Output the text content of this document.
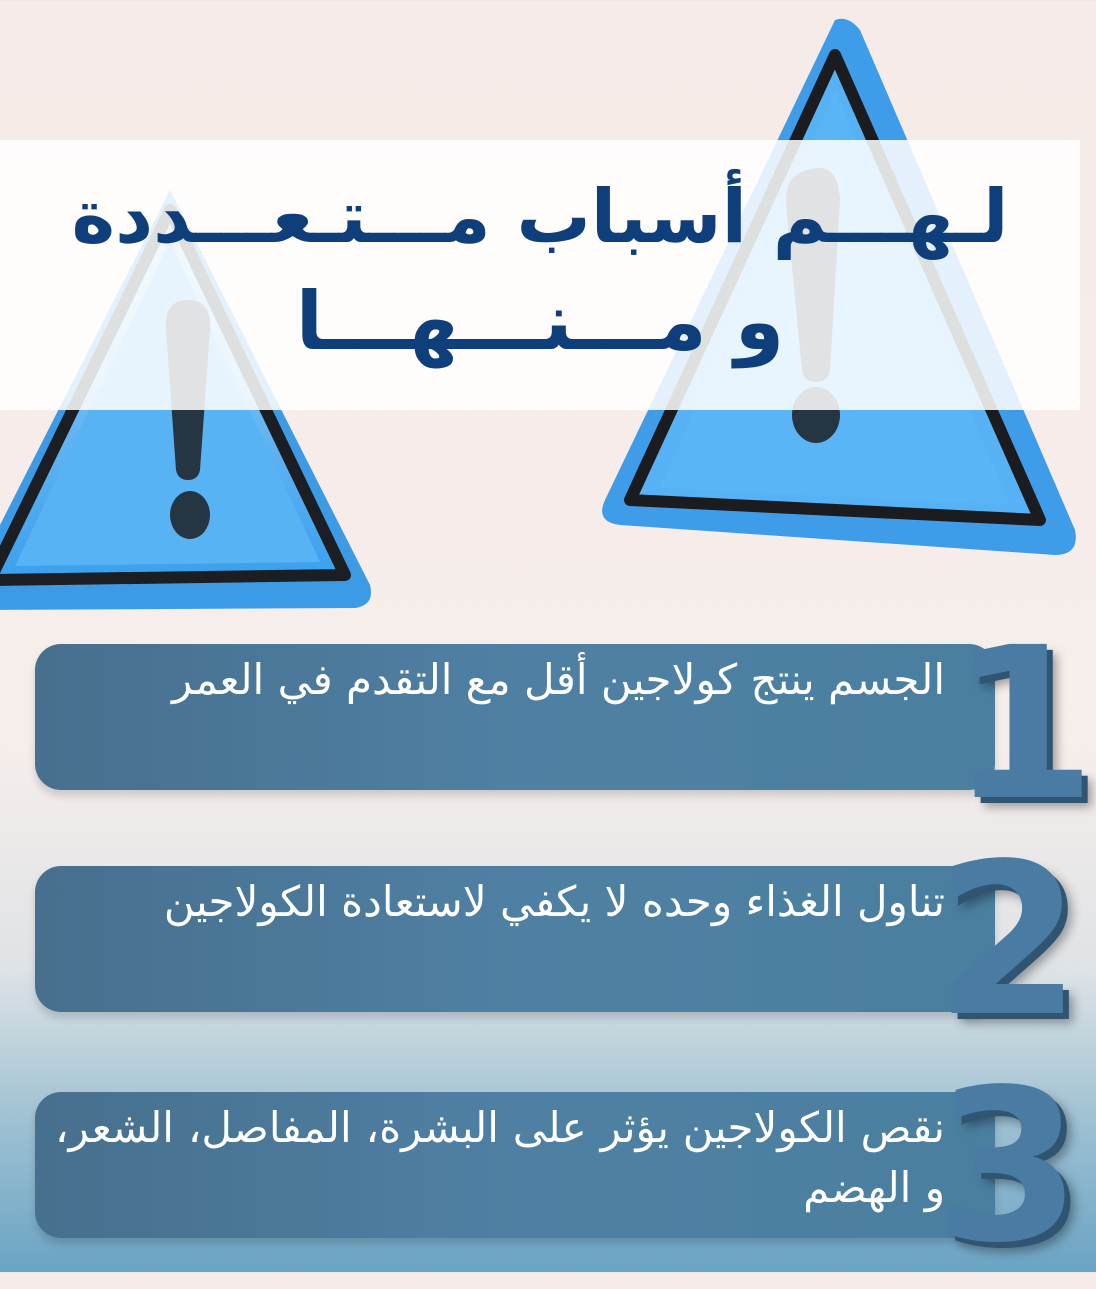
لـهـــم أسباب مـــتـعـــددة
و مـــنـــهـــا

الجسم ينتج كولاجين أقل مع التقدم في العمر 1

تناول الغذاء وحده لا يكفي لاستعادة الكولاجين

2

نقص الكولاجين يؤثر على البشرة، المفاصل، الشعر، و الهضم

3
